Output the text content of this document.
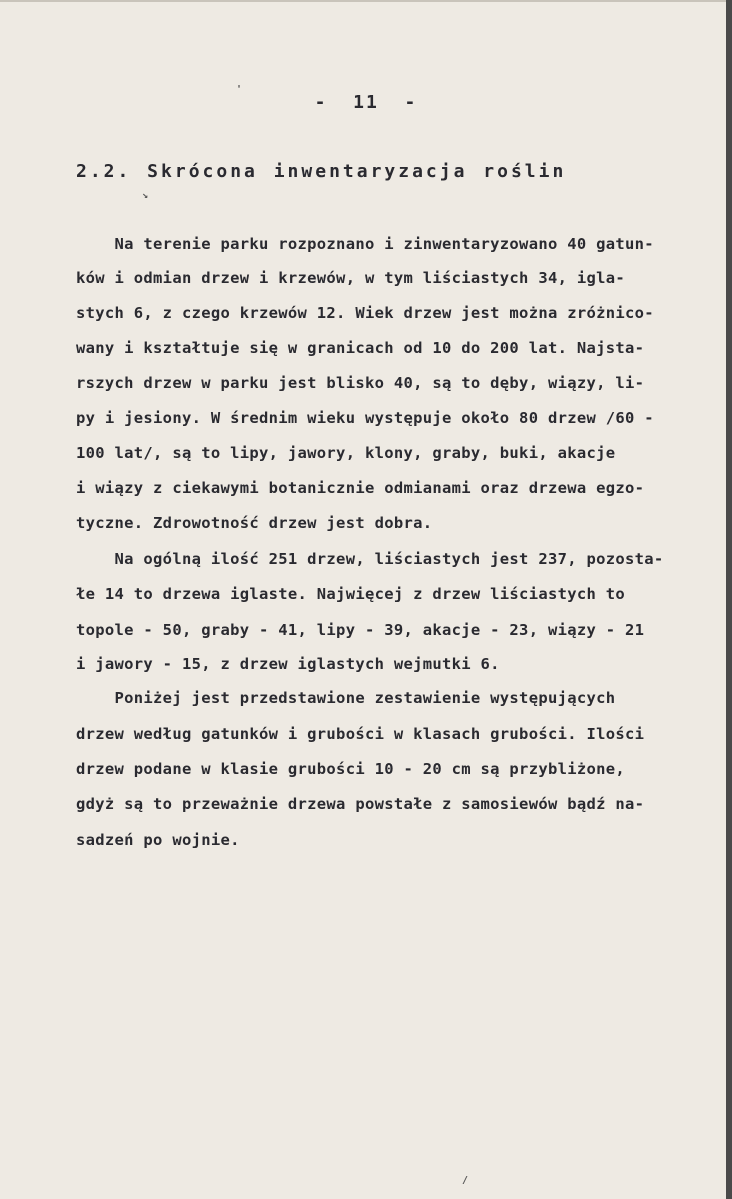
-  11  -
2.2. Skrócona inwentaryzacja roślin
'
↘
/
Na terenie parku rozpoznano i zinwentaryzowano 40 gatun-
ków i odmian drzew i krzewów, w tym liściastych 34, igla-
stych 6, z czego krzewów 12. Wiek drzew jest można zróżnico-
wany i kształtuje się w granicach od 10 do 200 lat. Najsta-
rszych drzew w parku jest blisko 40, są to dęby, wiązy, li-
py i jesiony. W średnim wieku występuje około 80 drzew /60 -
100 lat/, są to lipy, jawory, klony, graby, buki, akacje
i wiązy z ciekawymi botanicznie odmianami oraz drzewa egzo-
tyczne. Zdrowotność drzew jest dobra.
Na ogólną ilość 251 drzew, liściastych jest 237, pozosta-
łe 14 to drzewa iglaste. Najwięcej z drzew liściastych to
topole - 50, graby - 41, lipy - 39, akacje - 23, wiązy - 21
i jawory - 15, z drzew iglastych wejmutki 6.
Poniżej jest przedstawione zestawienie występujących
drzew według gatunków i grubości w klasach grubości. Ilości
drzew podane w klasie grubości 10 - 20 cm są przybliżone,
gdyż są to przeważnie drzewa powstałe z samosiewów bądź na-
sadzeń po wojnie.
